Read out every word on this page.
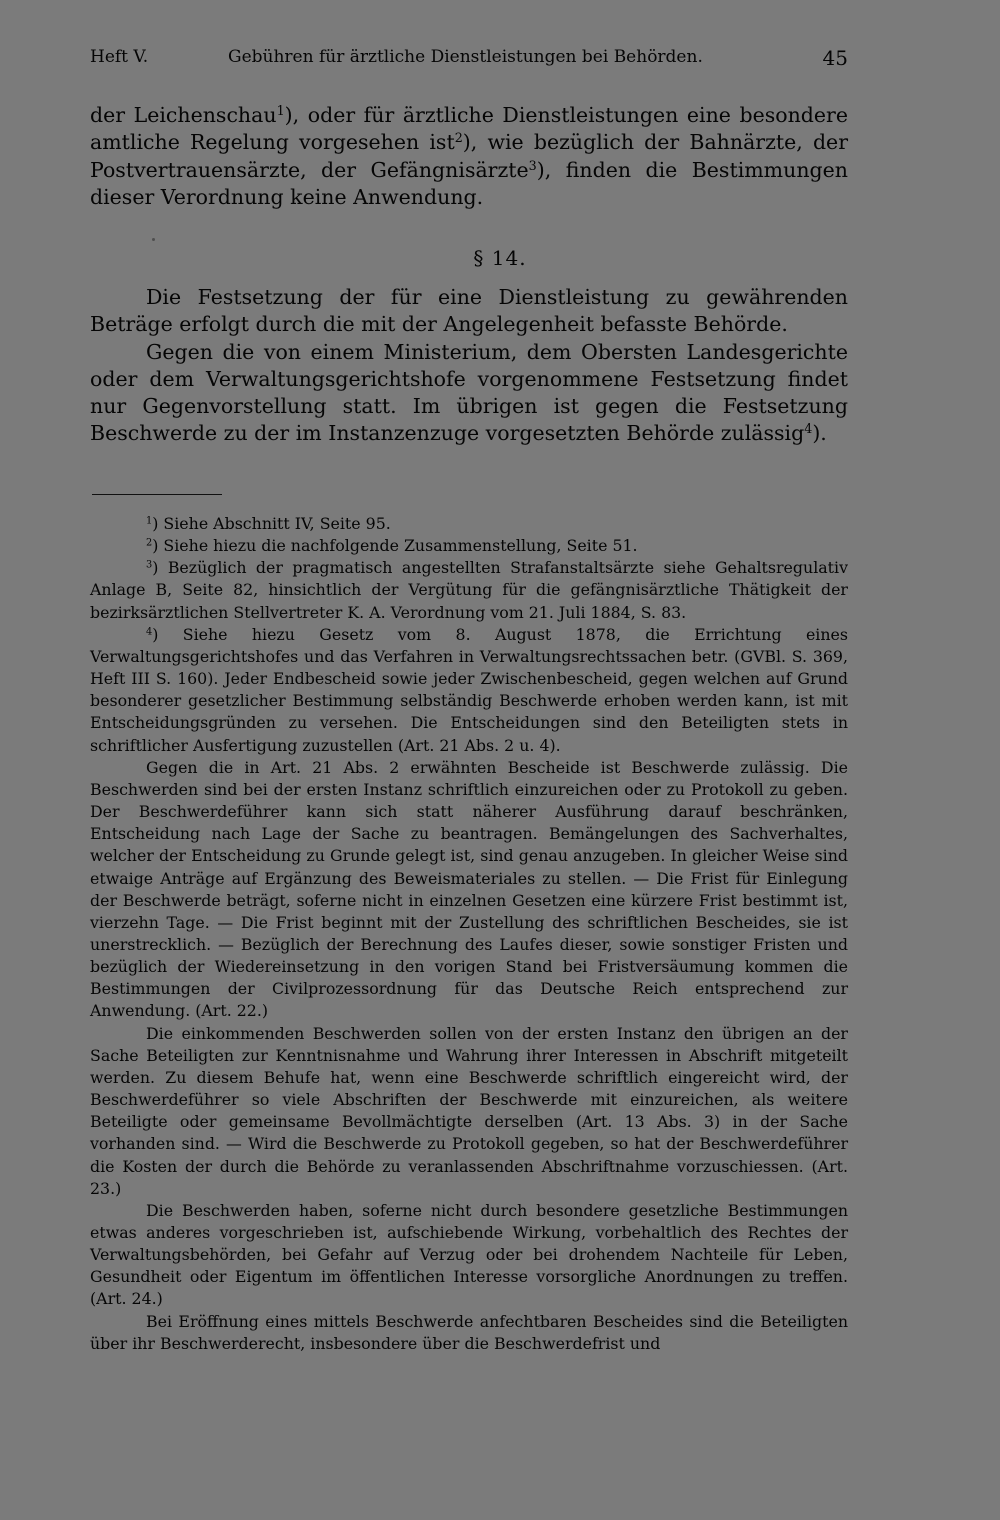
Heft V.	Gebühren für ärztliche Dienstleistungen bei Behörden.	45

der Leichenschau$^1$), oder für ärztliche Dienstleistungen eine besondere amtliche Regelung vorgesehen ist$^2$), wie bezüglich der Bahnärzte, der Postvertrauensärzte, der Gefängnisärzte$^3$), finden die Bestimmungen dieser Verordnung keine Anwendung.

§ 14.

Die Festsetzung der für eine Dienstleistung zu gewährenden Beträge erfolgt durch die mit der Angelegenheit befasste Behörde.

Gegen die von einem Ministerium, dem Obersten Landesgerichte oder dem Verwaltungsgerichtshofe vorgenommene Festsetzung findet nur Gegenvorstellung statt. Im übrigen ist gegen die Festsetzung Beschwerde zu der im Instanzenzuge vorgesetzten Behörde zulässig$^4$).

$^1$) Siehe Abschnitt IV, Seite 95.

$^2$) Siehe hiezu die nachfolgende Zusammenstellung, Seite 51.

$^3$) Bezüglich der pragmatisch angestellten Strafanstaltsärzte siehe Gehaltsregulativ Anlage B, Seite 82, hinsichtlich der Vergütung für die gefängnisärztliche Thätigkeit der bezirksärztlichen Stellvertreter K. A. Verordnung vom 21. Juli 1884, S. 83.

$^4$) Siehe hiezu Gesetz vom 8. August 1878, die Errichtung eines Verwaltungsgerichtshofes und das Verfahren in Verwaltungsrechtssachen betr. (GVBl. S. 369, Heft III S. 160). Jeder Endbescheid sowie jeder Zwischenbescheid, gegen welchen auf Grund besonderer gesetzlicher Bestimmung selbständig Beschwerde erhoben werden kann, ist mit Entscheidungsgründen zu versehen. Die Entscheidungen sind den Beteiligten stets in schriftlicher Ausfertigung zuzustellen (Art. 21 Abs. 2 u. 4).

Gegen die in Art. 21 Abs. 2 erwähnten Bescheide ist Beschwerde zulässig. Die Beschwerden sind bei der ersten Instanz schriftlich einzureichen oder zu Protokoll zu geben. Der Beschwerdeführer kann sich statt näherer Ausführung darauf beschränken, Entscheidung nach Lage der Sache zu beantragen. Bemängelungen des Sachverhaltes, welcher der Entscheidung zu Grunde gelegt ist, sind genau anzugeben. In gleicher Weise sind etwaige Anträge auf Ergänzung des Beweismateriales zu stellen. — Die Frist für Einlegung der Beschwerde beträgt, soferne nicht in einzelnen Gesetzen eine kürzere Frist bestimmt ist, vierzehn Tage. — Die Frist beginnt mit der Zustellung des schriftlichen Bescheides, sie ist unerstrecklich. — Bezüglich der Berechnung des Laufes dieser, sowie sonstiger Fristen und bezüglich der Wiedereinsetzung in den vorigen Stand bei Fristversäumung kommen die Bestimmungen der Civilprozessordnung für das Deutsche Reich entsprechend zur Anwendung. (Art. 22.)

Die einkommenden Beschwerden sollen von der ersten Instanz den übrigen an der Sache Beteiligten zur Kenntnisnahme und Wahrung ihrer Interessen in Abschrift mitgeteilt werden. Zu diesem Behufe hat, wenn eine Beschwerde schriftlich eingereicht wird, der Beschwerdeführer so viele Abschriften der Beschwerde mit einzureichen, als weitere Beteiligte oder gemeinsame Bevollmächtigte derselben (Art. 13 Abs. 3) in der Sache vorhanden sind. — Wird die Beschwerde zu Protokoll gegeben, so hat der Beschwerdeführer die Kosten der durch die Behörde zu veranlassenden Abschriftnahme vorzuschiessen. (Art. 23.)

Die Beschwerden haben, soferne nicht durch besondere gesetzliche Bestimmungen etwas anderes vorgeschrieben ist, aufschiebende Wirkung, vorbehaltlich des Rechtes der Verwaltungsbehörden, bei Gefahr auf Verzug oder bei drohendem Nachteile für Leben, Gesundheit oder Eigentum im öffentlichen Interesse vorsorgliche Anordnungen zu treffen. (Art. 24.)

Bei Eröffnung eines mittels Beschwerde anfechtbaren Bescheides sind die Beteiligten über ihr Beschwerderecht, insbesondere über die Beschwerdefrist und
